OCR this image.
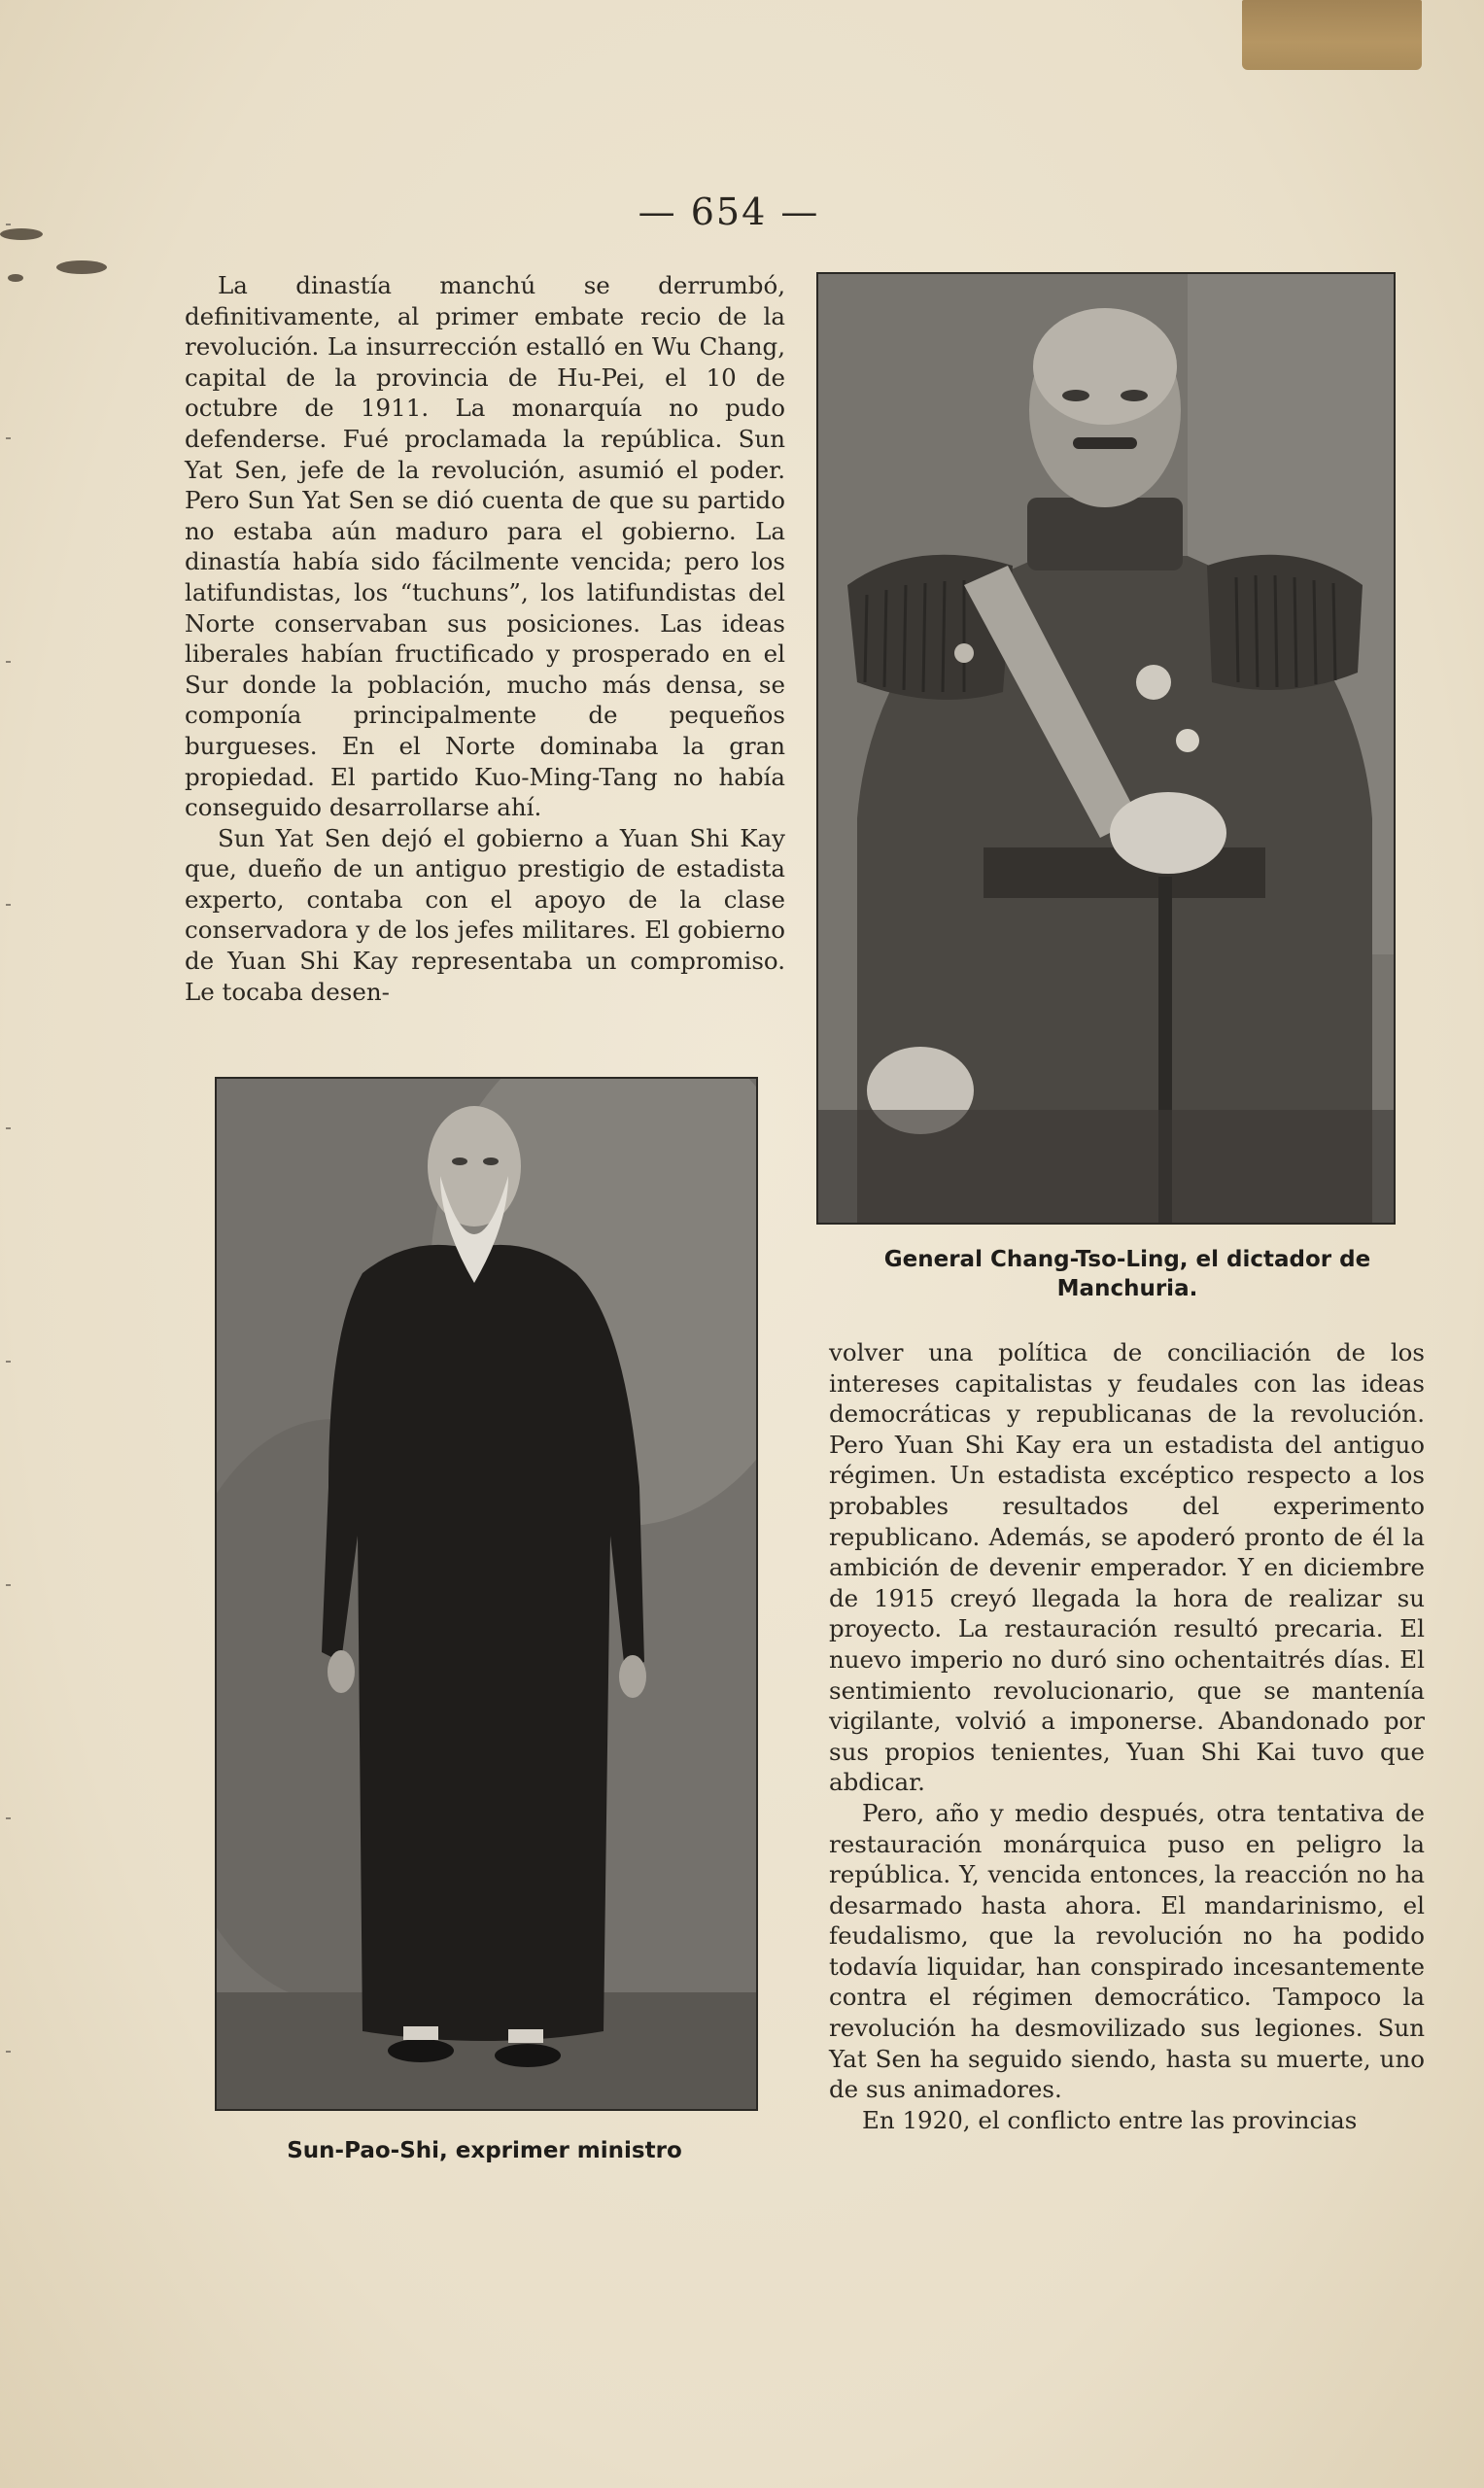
— 654 —

La dinastía manchú se derrumbó, definitivamente, al primer embate recio de la revolución. La insurrección estalló en Wu Chang, capital de la provincia de Hu-Pei, el 10 de octubre de 1911. La monarquía no pudo defenderse. Fué proclamada la república. Sun Yat Sen, jefe de la revolución, asumió el poder. Pero Sun Yat Sen se dió cuenta de que su partido no estaba aún maduro para el gobierno. La dinastía había sido fácilmente vencida; pero los latifundistas, los “tuchuns”, los latifundistas del Norte conservaban sus posiciones. Las ideas liberales habían fructificado y prosperado en el Sur donde la población, mucho más densa, se componía principalmente de pequeños burgueses. En el Norte dominaba la gran propiedad. El partido Kuo-Ming-Tang no había conseguido desarrollarse ahí.

Sun Yat Sen dejó el gobierno a Yuan Shi Kay que, dueño de un antiguo prestigio de estadista experto, contaba con el apoyo de la clase conservadora y de los jefes militares. El gobierno de Yuan Shi Kay representaba un compromiso. Le tocaba desen-

General Chang-Tso-Ling, el dictador de Manchuria.
Sun-Pao-Shi, exprimer ministro

volver una política de conciliación de los intereses capitalistas y feudales con las ideas democráticas y republicanas de la revolución. Pero Yuan Shi Kay era un estadista del antiguo régimen. Un estadista excéptico respecto a los probables resultados del experimento republicano. Además, se apoderó pronto de él la ambición de devenir emperador. Y en diciembre de 1915 creyó llegada la hora de realizar su proyecto. La restauración resultó precaria. El nuevo imperio no duró sino ochentaitrés días. El sentimiento revolucionario, que se mantenía vigilante, volvió a imponerse. Abandonado por sus propios tenientes, Yuan Shi Kai tuvo que abdicar.

Pero, año y medio después, otra tentativa de restauración monárquica puso en peligro la república. Y, vencida entonces, la reacción no ha desarmado hasta ahora. El mandarinismo, el feudalismo, que la revolución no ha podido todavía liquidar, han conspirado incesantemente contra el régimen democrático. Tampoco la revolución ha desmovilizado sus legiones. Sun Yat Sen ha seguido siendo, hasta su muerte, uno de sus animadores.

En 1920, el conflicto entre las provincias
